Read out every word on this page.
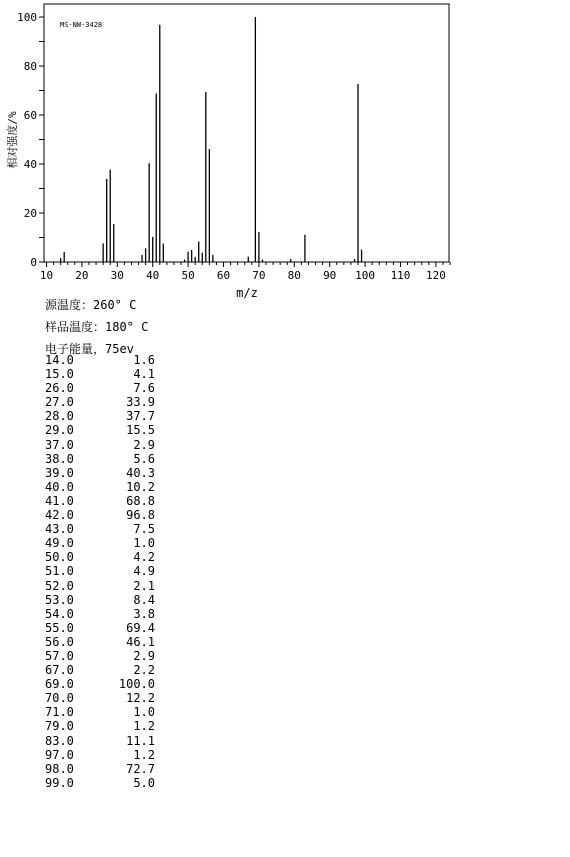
10 20 30 40 50 60 70 80 90 100 110 120
0
20
40
60
80
100
MS-NW-3428
m/z
相对强度/%
源温度：260° C
样品温度：180° C
电子能量，75ev
14.0	1.6
15.0	4.1
26.0	7.6
27.0	33.9
28.0	37.7
29.0	15.5
37.0	2.9
38.0	5.6
39.0	40.3
40.0	10.2
41.0	68.8
42.0	96.8
43.0	7.5
49.0	1.0
50.0	4.2
51.0	4.9
52.0	2.1
53.0	8.4
54.0	3.8
55.0	69.4
56.0	46.1
57.0	2.9
67.0	2.2
69.0	100.0
70.0	12.2
71.0	1.0
79.0	1.2
83.0	11.1
97.0	1.2
98.0	72.7
99.0	5.0
